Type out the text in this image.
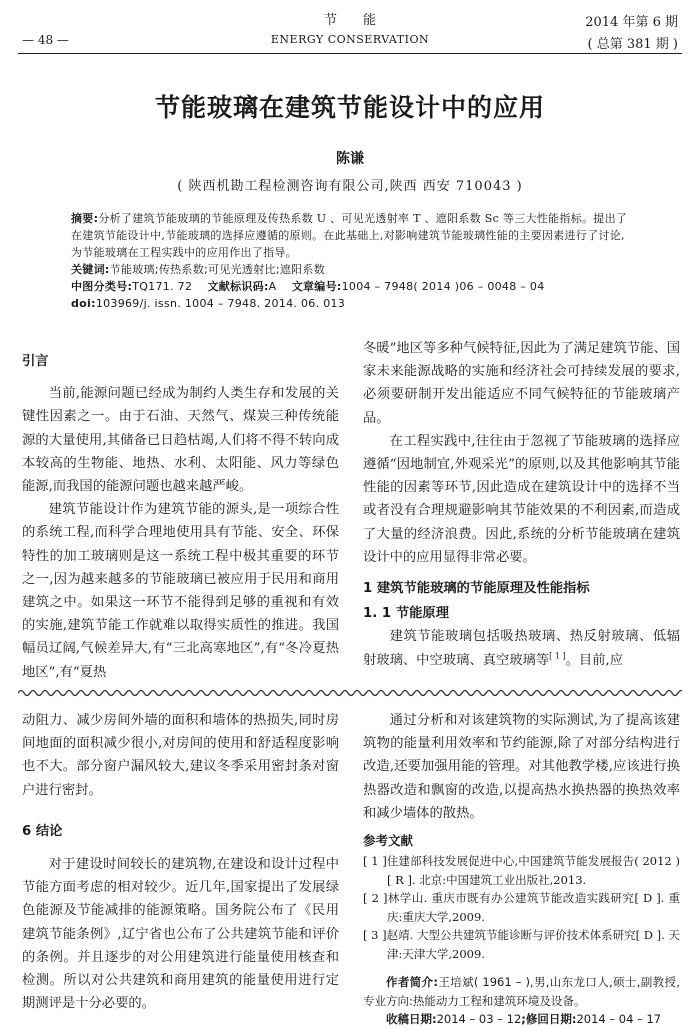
节能
ENERGY CONSERVATION
— 48 —
2014 年第 6 期
( 总第 381 期 )
节能玻璃在建筑节能设计中的应用
陈谦
( 陕西机勘工程检测咨询有限公司,陕西 西安 710043 )

摘要:分析了建筑节能玻璃的节能原理及传热系数 U 、可见光透射率 T 、遮阳系数 Sc 等三大性能指标。提出了在建筑节能设计中,节能玻璃的选择应遵循的原则。在此基础上,对影响建筑节能玻璃性能的主要因素进行了讨论,为节能玻璃在工程实践中的应用作出了指导。

关键词:节能玻璃;传热系数;可见光透射比;遮阳系数

中图分类号:TQ171. 72 文献标识码:A 文章编号:1004 – 7948( 2014 )06 – 0048 – 04

doi:103969/j. issn. 1004 – 7948. 2014. 06. 013

引言

当前,能源问题已经成为制约人类生存和发展的关键性因素之一。由于石油、天然气、煤炭三种传统能源的大量使用,其储备已日趋枯竭,人们将不得不转向成本较高的生物能、地热、水利、太阳能、风力等绿色能源,而我国的能源问题也越来越严峻。

建筑节能设计作为建筑节能的源头,是一项综合性的系统工程,而科学合理地使用具有节能、安全、环保特性的加工玻璃则是这一系统工程中极其重要的环节之一,因为越来越多的节能玻璃已被应用于民用和商用建筑之中。如果这一环节不能得到足够的重视和有效的实施,建筑节能工作就难以取得实质性的推进。我国幅员辽阔,气候差异大,有“三北高寒地区”,有“冬冷夏热地区”,有“夏热

冬暖”地区等多种气候特征,因此为了满足建筑节能、国家未来能源战略的实施和经济社会可持续发展的要求,必须要研制开发出能适应不同气候特征的节能玻璃产品。

在工程实践中,往往由于忽视了节能玻璃的选择应遵循“因地制宜,外观采光”的原则,以及其他影响其节能性能的因素等环节,因此造成在建筑设计中的选择不当或者没有合理规避影响其节能效果的不利因素,而造成了大量的经济浪费。因此,系统的分析节能玻璃在建筑设计中的应用显得非常必要。

1 建筑节能玻璃的节能原理及性能指标
1. 1 节能原理

建筑节能玻璃包括吸热玻璃、热反射玻璃、低辐射玻璃、中空玻璃、真空玻璃等[ 1 ]。目前,应

动阻力、减少房间外墙的面积和墙体的热损失,同时房间地面的面积减少很小,对房间的使用和舒适程度影响也不大。部分窗户漏风较大,建议冬季采用密封条对窗户进行密封。

6 结论

对于建设时间较长的建筑物,在建设和设计过程中节能方面考虑的相对较少。近几年,国家提出了发展绿色能源及节能减排的能源策略。国务院公布了《民用建筑节能条例》,辽宁省也公布了公共建筑节能和评价的条例。并且逐步的对公用建筑进行能量使用核查和检测。所以对公共建筑和商用建筑的能量使用进行定期测评是十分必要的。

通过分析和对该建筑物的实际测试,为了提高该建筑物的能量利用效率和节约能源,除了对部分结构进行改造,还要加强用能的管理。对其他教学楼,应该进行换热器改造和飘窗的改造,以提高热水换热器的换热效率和减少墙体的散热。

参考文献

[ 1 ]住建部科技发展促进中心,中国建筑节能发展报告( 2012 )[ R ]. 北京:中国建筑工业出版社,2013.

[ 2 ]林学山. 重庆市既有办公建筑节能改造实践研究[ D ]. 重庆:重庆大学,2009.

[ 3 ]赵靖. 大型公共建筑节能诊断与评价技术体系研究[ D ]. 天津:天津大学,2009.

作者简介:王培斌( 1961 – ),男,山东龙口人,硕士,副教授,专业方向:热能动力工程和建筑环境及设备。

收稿日期:2014 – 03 – 12;修回日期:2014 – 04 – 17
